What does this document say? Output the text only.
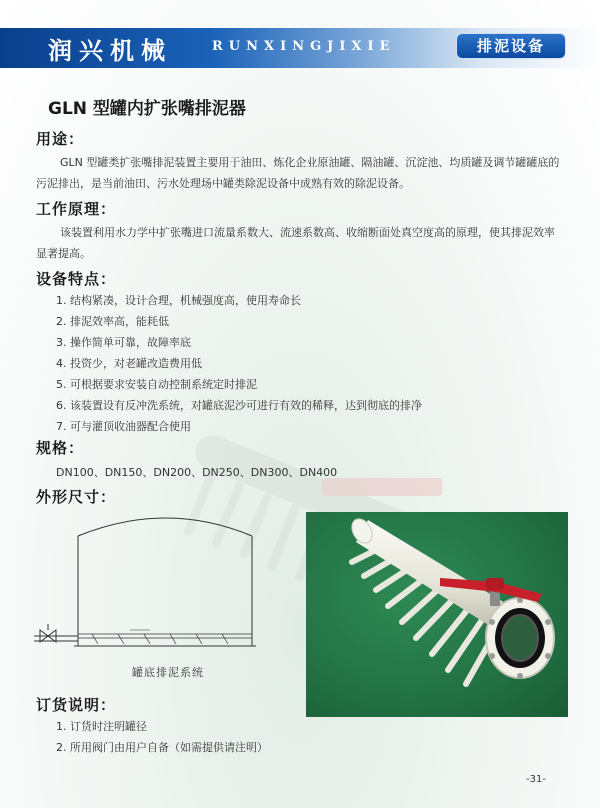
润兴机械	RUNXINGJIXIE	排泥设备
GLN 型罐内扩张嘴排泥器
用途：
GLN 型罐类扩张嘴排泥装置主要用于油田、炼化企业原油罐、隔油罐、沉淀池、均质罐及调节罐罐底的污泥排出，是当前油田、污水处理场中罐类除泥设备中成熟有效的除泥设备。
工作原理：
该装置利用水力学中扩张嘴进口流量系数大、流速系数高、收缩断面处真空度高的原理，使其排泥效率显著提高。
设备特点：
1. 结构紧凑，设计合理，机械强度高，使用寿命长
2. 排泥效率高，能耗低
3. 操作简单可靠，故障率底
4. 投资少，对老罐改造费用低
5. 可根据要求安装自动控制系统定时排泥
6. 该装置设有反冲洗系统，对罐底泥沙可进行有效的稀释，达到彻底的排净
7. 可与灌顶收油器配合使用
规格：
DN100、DN150、DN200、DN250、DN300、DN400
外形尺寸：
罐底排泥系统
订货说明：
1. 订货时注明罐径
2. 所用阀门由用户自备（如需提供请注明）
-31-
